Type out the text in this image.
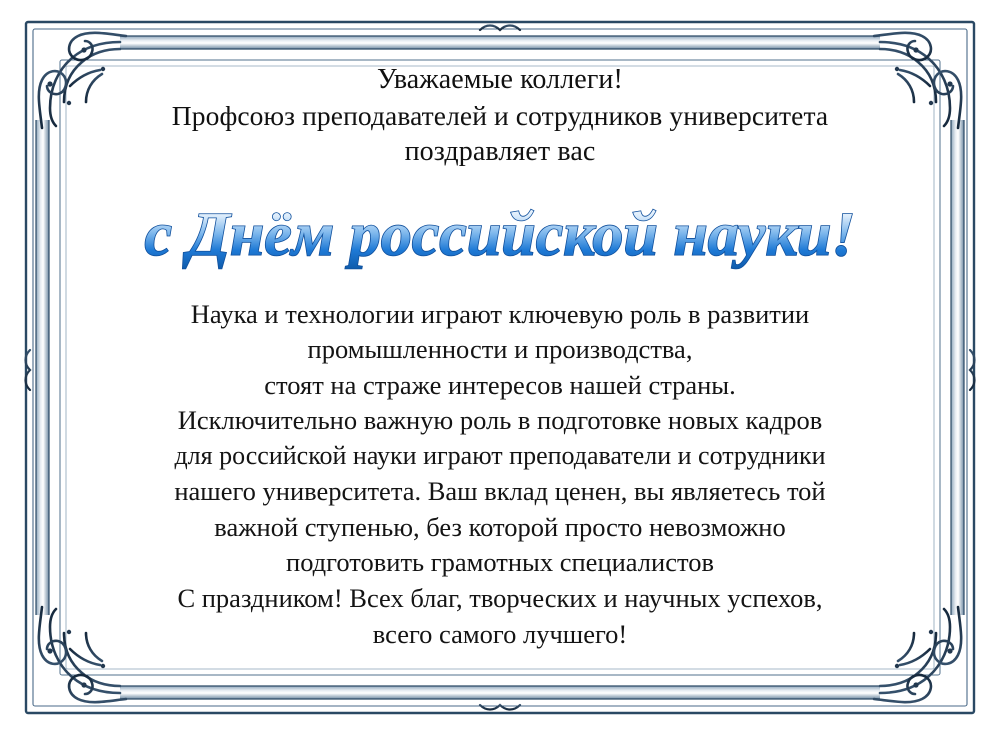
Уважаемые коллеги!
Профсоюз преподавателей и сотрудников университета
поздравляет вас
с Днём российской науки!
Наука и технологии играют ключевую роль в развитии
промышленности и производства,
стоят на страже интересов нашей страны.
Исключительно важную роль в подготовке новых кадров
для российской науки играют преподаватели и сотрудники
нашего университета. Ваш вклад ценен, вы являетесь той
важной ступенью, без которой просто невозможно
подготовить грамотных специалистов
С праздником! Всех благ, творческих и научных успехов,
всего самого лучшего!
